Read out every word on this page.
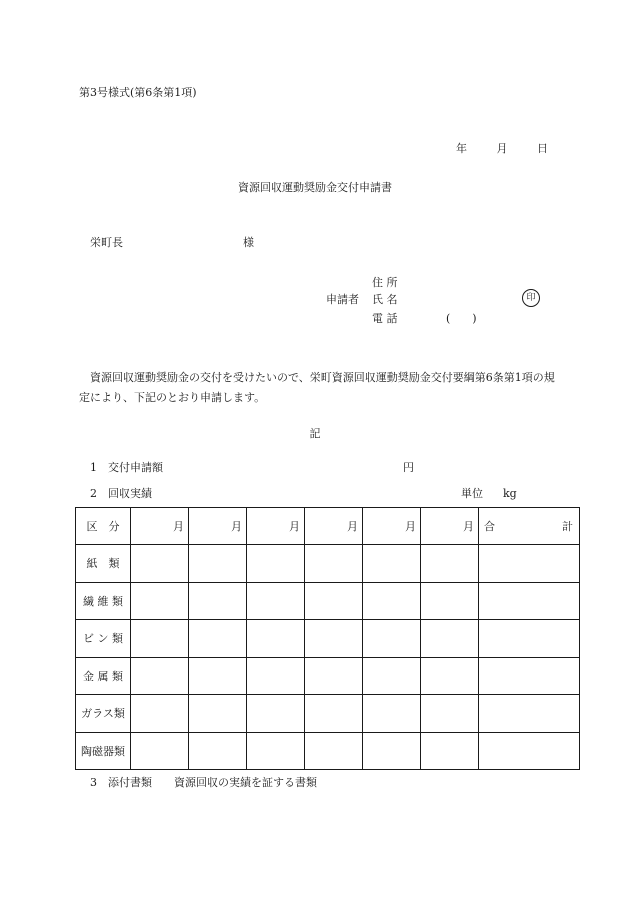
第3号様式(第6条第1項)
年	月	日
資源回収運動奨励金交付申請書
栄町長	様
申請者
住 所
氏 名
電 話	(　　)
印
資源回収運動奨励金の交付を受けたいので、栄町資源回収運動奨励金交付要綱第6条第1項の規定により、下記のとおり申請します。
記
1　交付申請額	円
2　回収実績	単位 kg
区　分	月	月	月	月	月	月	合 計

紙　類							
繊 維 類							
ビ ン 類							
金 属 類							
ガラス類							
陶磁器類							
3　添付書類 資源回収の実績を証する書類
